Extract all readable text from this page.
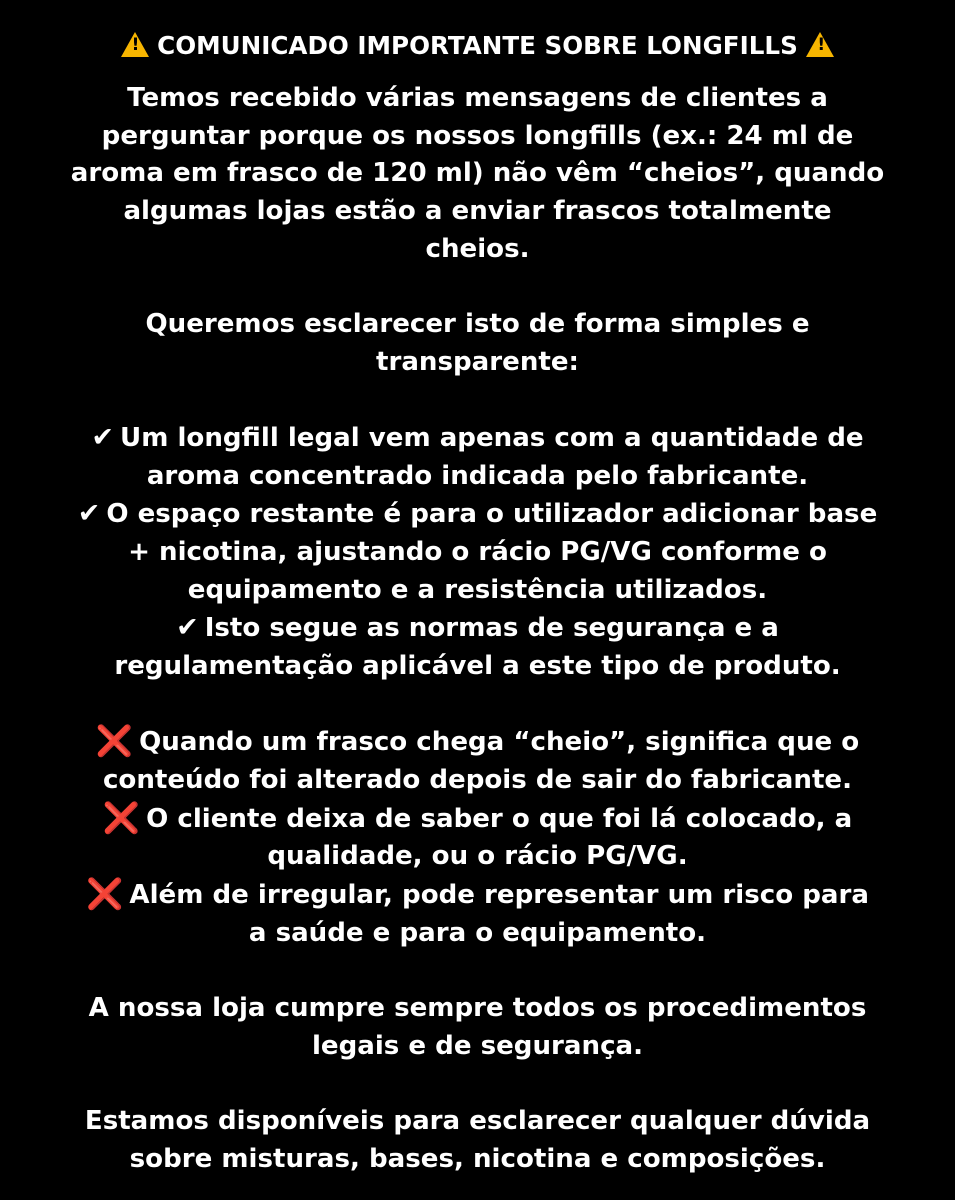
! COMUNICADO IMPORTANTE SOBRE LONGFILLS !

Temos recebido várias mensagens de clientes a
perguntar porque os nossos longfills (ex.: 24 ml de
aroma em frasco de 120 ml) não vêm “cheios”, quando
algumas lojas estão a enviar frascos totalmente
cheios.

Queremos esclarecer isto de forma simples e
transparente:

✔ Um longfill legal vem apenas com a quantidade de
aroma concentrado indicada pelo fabricante.
✔ O espaço restante é para o utilizador adicionar base
+ nicotina, ajustando o rácio PG/VG conforme o
equipamento e a resistência utilizados.
✔ Isto segue as normas de segurança e a
regulamentação aplicável a este tipo de produto.

❌ Quando um frasco chega “cheio”, significa que o
conteúdo foi alterado depois de sair do fabricante.
❌ O cliente deixa de saber o que foi lá colocado, a
qualidade, ou o rácio PG/VG.
❌ Além de irregular, pode representar um risco para
a saúde e para o equipamento.

A nossa loja cumpre sempre todos os procedimentos
legais e de segurança.

Estamos disponíveis para esclarecer qualquer dúvida
sobre misturas, bases, nicotina e composições.
